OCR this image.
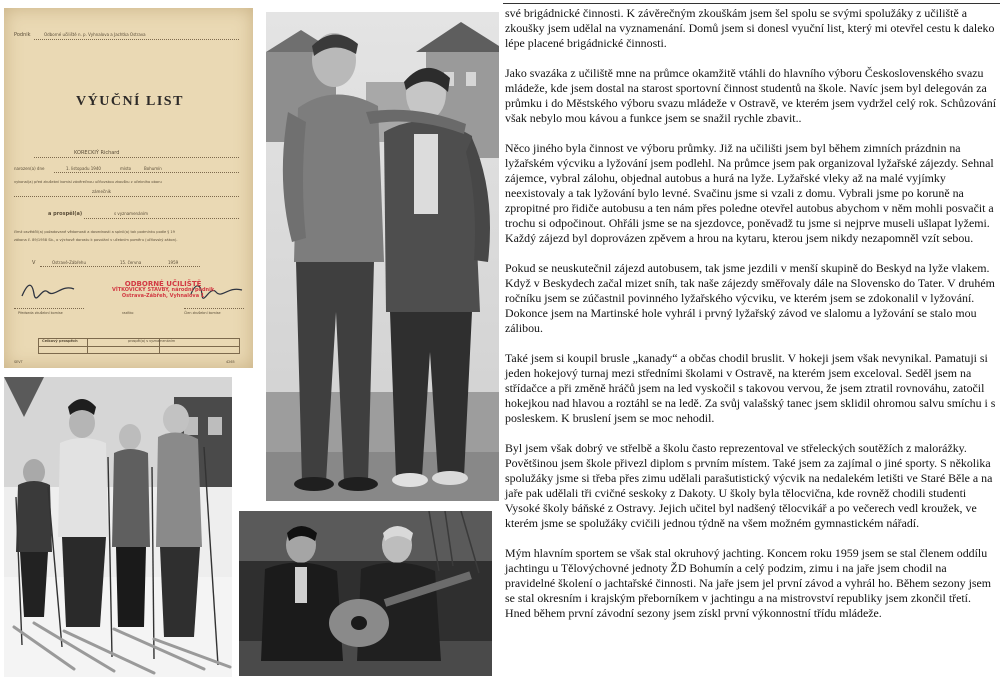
Podnik	Odborné učiliště n. p. Vyhnalova a Jachtka Ostrava
VÝUČNÍ LIST
KORECKIÝ Richard
narozen(a) dne	1. listopadu 1940	místo	Bohumín
vykonal(a) před zkušební komisí závěrečnou učňovskou zkoušku z učebního oboru
zámečník
a prospěl(a)	s vyznamenáním
čímž osvědčil(a) požadované vědomosti a dovednosti a splnil(a) tak podmínku podle § 19
zákona č. 89/1958 Sb., o výchově dorostu k povolání v učebním poměru (učňovský zákon).
V	Ostravě-Zábřehu	15. června	1959
ODBORNÉ UČILIŠTĚ
VÍTKOVICKÝ STAVBY, národní podnik
Ostrava-Zábřeh, Vyhnalova 1
Předseda zkušební komise	razítko	Člen zkušební komise
Celkový prospěch	prospěl(a) s vyznamenáním
SEVT	4265

své brigádnické činnosti. K závěrečným zkouškám jsem šel spolu se svými spolužáky z učiliště a zkoušky jsem udělal na vyznamenání. Domů jsem si donesl vyuční list, který mi otevřel cestu k daleko lépe placené brigádnické činnosti.

Jako svazáka z učiliště mne na průmce okamžitě vtáhli do hlavního výboru Československého svazu mládeže, kde jsem dostal na starost sportovní činnost studentů na škole. Navíc jsem byl delegován za průmku i do Městského výboru svazu mládeže v Ostravě, ve kterém jsem vydržel celý rok. Schůzování však nebylo mou kávou a funkce jsem se snažil rychle zbavit..

Něco jiného byla činnost ve výboru průmky. Již na učilišti jsem byl během zimních prázdnin na lyžařském výcviku a lyžování jsem podlehl. Na průmce jsem pak organizoval lyžařské zájezdy. Sehnal zájemce, vybral zálohu, objednal autobus a hurá na lyže. Lyžařské vleky až na malé vyjímky neexistovaly a tak lyžování bylo levné. Svačinu jsme si vzali z domu. Vybrali jsme po koruně na zpropitné pro řidiče autobusu a ten nám přes poledne otevřel autobus abychom v něm mohli posvačit a trochu si odpočinout. Ohřáli jsme se na sjezdovce, poněvadž tu jsme si nejprve museli ušlapat lyžemi. Každý zájezd byl doprovázen zpěvem a hrou na kytaru, kterou jsem nikdy nezapomněl vzít sebou.

Pokud se neuskutečnil zájezd autobusem, tak jsme jezdili v menší skupině do Beskyd na lyže vlakem. Když v Beskydech začal mizet sníh, tak naše zájezdy směřovaly dále na Slovensko do Tater. V druhém ročníku jsem se zúčastnil povinného lyžařského výcviku, ve kterém jsem se zdokonalil v lyžování. Dokonce jsem na Martinské hole vyhrál i prvný lyžařský závod ve slalomu a lyžování se stalo mou zálibou.

Také jsem si koupil brusle „kanady“ a občas chodil bruslit. V hokeji jsem však nevynikal. Pamatuji si jeden hokejový turnaj mezi středními školami v Ostravě, na kterém jsem exceloval. Seděl jsem na střídačce a při změně hráčů jsem na led vyskočil s takovou vervou, že jsem ztratil rovnováhu, zatočil hokejkou nad hlavou a roztáhl se na ledě. Za svůj valašský tanec jsem sklidil ohromou salvu smíchu i s posleskem. K bruslení jsem se moc nehodil.

Byl jsem však dobrý ve střelbě a školu často reprezentoval ve střeleckých soutěžích z malorážky. Povětšinou jsem škole přivezl diplom s prvním místem. Také jsem za zajímal o jiné sporty. S několika spolužáky jsme si třeba přes zimu udělali parašutistický výcvik na nedalekém letišti ve Staré Běle a na jaře pak udělali tři cvičné seskoky z Dakoty. U školy byla tělocvična, kde rovněž chodili studenti Vysoké školy báňské z Ostravy. Jejich učitel byl nadšený tělocvikář a po večerech vedl kroužek, ve kterém jsme se spolužáky cvičili jednou týdně na všem možném gymnastickém nářadí.

Mým hlavním sportem se však stal okruhový jachting. Koncem roku 1959 jsem se stal členem oddílu jachtingu u Tělovýchovné jednoty ŽD Bohumín a celý podzim, zimu i na jaře jsem chodil na pravidelné školení o jachtařské činnosti. Na jaře jsem jel první závod a vyhrál ho. Během sezony jsem se stal okresním i krajským přeborníkem v jachtingu a na mistrovství republiky jsem zkončil třetí. Hned během první závodní sezony jsem získl první výkonnostní třídu mládeže.
